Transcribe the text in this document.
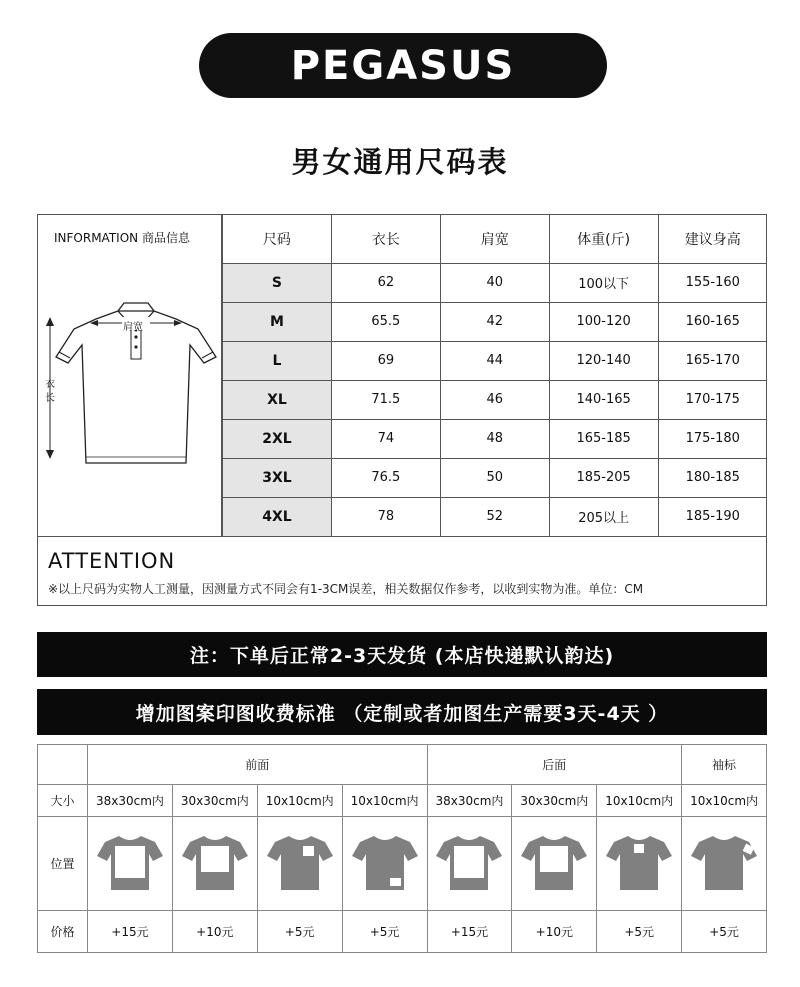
PEGASUS
男女通用尺码表
INFORMATION 商品信息
肩宽
衣
长
尺码	衣长	肩宽	体重(斤)	建议身高
S	62	40	100以下	155-160
M	65.5	42	100-120	160-165
L	69	44	120-140	165-170
XL	71.5	46	140-165	170-175
2XL	74	48	165-185	175-180
3XL	76.5	50	185-205	180-185
4XL	78	52	205以上	185-190
ATTENTION
※以上尺码为实物人工测量，因测量方式不同会有1-3CM误差，相关数据仅作参考，以收到实物为准。单位：CM
注：下单后正常2-3天发货 (本店快递默认韵达)
增加图案印图收费标准 （定制或者加图生产需要3天-4天 ）
	前面				后面			袖标
大小	38x30cm内	30x30cm内	10x10cm内	10x10cm内	38x30cm内	30x30cm内	10x10cm内	10x10cm内
位置								
价格	+15元	+10元	+5元	+5元	+15元	+10元	+5元	+5元
